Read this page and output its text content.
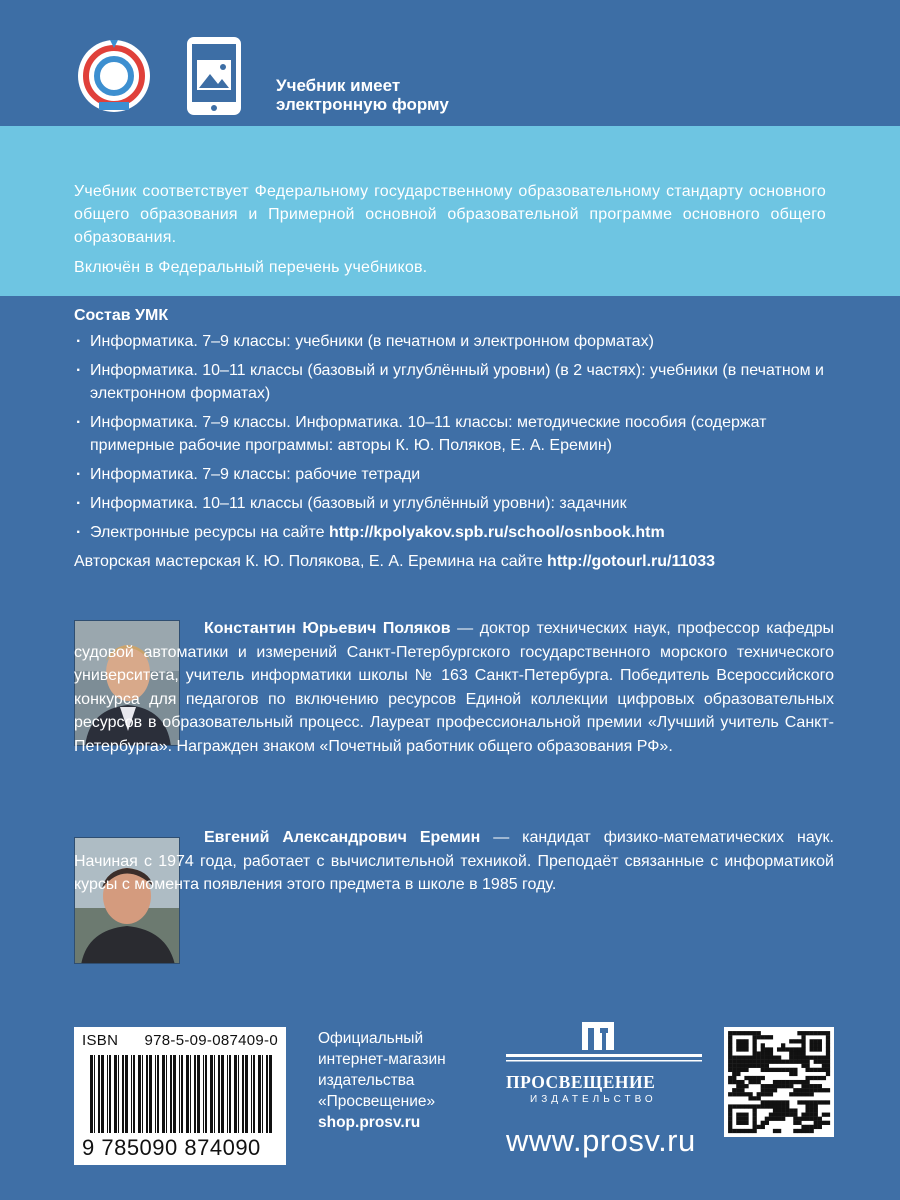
Учебник имеет
электронную форму

Учебник соответствует Федеральному государственному образовательному стандарту основного общего образования и Примерной основной образовательной программе основного общего образования.

Включён в Федеральный перечень учебников.

Состав УМК
· Информатика. 7–9 классы: учебники (в печатном и электронном форматах)
· Информатика. 10–11 классы (базовый и углублённый уровни) (в 2 частях): учебники (в печатном и электронном форматах)
· Информатика. 7–9 классы. Информатика. 10–11 классы: методические пособия (содержат примерные рабочие программы: авторы К. Ю. Поляков, Е. А. Еремин)
· Информатика. 7–9 классы: рабочие тетради
· Информатика. 10–11 классы (базовый и углублённый уровни): задачник
· Электронные ресурсы на сайте http://kpolyakov.spb.ru/school/osnbook.htm
Авторская мастерская К. Ю. Полякова, Е. А. Еремина на сайте http://gotourl.ru/11033
Константин Юрьевич Поляков — доктор технических наук, профессор кафедры судовой автоматики и измерений Санкт-Петербургского государственного морского технического университета, учитель информатики школы № 163 Санкт-Петербурга. Победитель Всероссийского конкурса для педагогов по включению ресурсов Единой коллекции цифровых образовательных ресурсов в образовательный процесс. Лауреат профессиональной премии «Лучший учитель Санкт-Петербурга». Награжден знаком «Почетный работник общего образования РФ».
Евгений Александрович Еремин — кандидат физико-математических наук. Начиная с 1974 года, работает с вычислительной техникой. Преподаёт связанные с информатикой курсы с момента появления этого предмета в школе в 1985 году.
ISBN 978-5-09-087409-0
9 785090 874090
Официальный
интернет-магазин
издательства
«Просвещение»
shop.prosv.ru
ПРОСВЕЩЕНИЕ
ИЗДАТЕЛЬСТВО
www.prosv.ru
